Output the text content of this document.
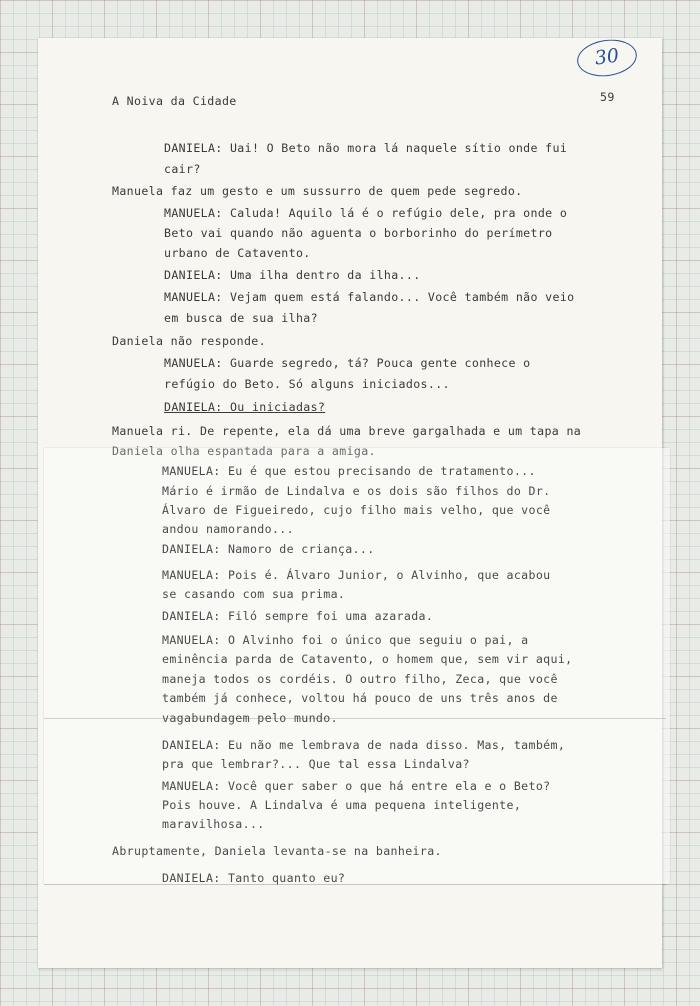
30
A Noiva da Cidade	59
DANIELA: Uai! O Beto não mora lá naquele sítio onde fui
cair?
Manuela faz um gesto e um sussurro de quem pede segredo.
MANUELA: Caluda! Aquilo lá é o refúgio dele, pra onde o
Beto vai quando não aguenta o borborinho do perímetro
urbano de Catavento.
DANIELA: Uma ilha dentro da ilha...
MANUELA: Vejam quem está falando... Você também não veio
em busca de sua ilha?
Daniela não responde.
MANUELA: Guarde segredo, tá? Pouca gente conhece o
refúgio do Beto. Só alguns iniciados...
DANIELA: Ou iniciadas?
Manuela ri. De repente, ela dá uma breve gargalhada e um tapa na
Daniela olha espantada para a amiga.
MANUELA: Eu é que estou precisando de tratamento...
Mário é irmão de Lindalva e os dois são filhos do Dr.
Álvaro de Figueiredo, cujo filho mais velho, que você
andou namorando...
DANIELA: Namoro de criança...
MANUELA: Pois é. Álvaro Junior, o Alvinho, que acabou
se casando com sua prima.
DANIELA: Filó sempre foi uma azarada.
MANUELA: O Alvinho foi o único que seguiu o pai, a
eminência parda de Catavento, o homem que, sem vir aqui,
maneja todos os cordéis. O outro filho, Zeca, que você
também já conhece, voltou há pouco de uns três anos de
vagabundagem pelo mundo.
DANIELA: Eu não me lembrava de nada disso. Mas, também,
pra que lembrar?... Que tal essa Lindalva?
MANUELA: Você quer saber o que há entre ela e o Beto?
Pois houve. A Lindalva é uma pequena inteligente,
maravilhosa...
Abruptamente, Daniela levanta-se na banheira.
DANIELA: Tanto quanto eu?
